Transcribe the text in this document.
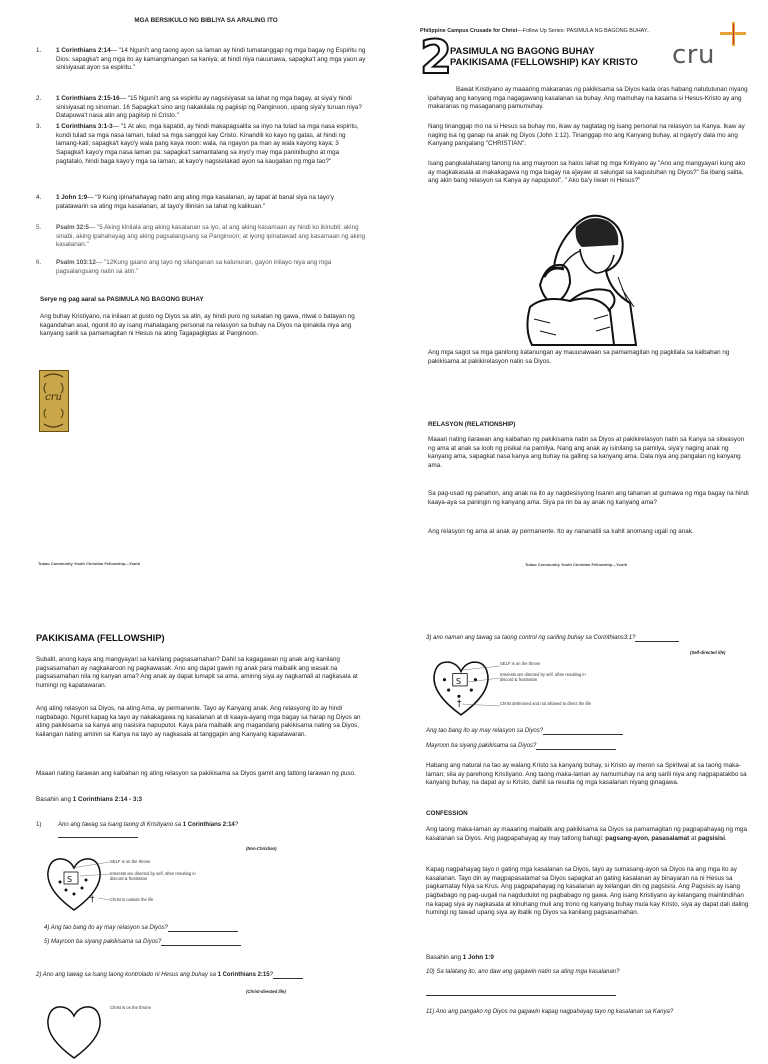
MGA BERSIKULO NG BIBLIYA SA ARALING ITO
1.	1 Corinthians 2:14— "14 Nguni't ang taong ayon sa laman ay hindi tumatanggap ng mga bagay ng Espiritu ng Dios: sapagka't ang mga ito ay kamangmangan sa kaniya; at hindi niya nauunawa, sapagka't ang mga yaon ay sinisiyasat ayon sa espiritu."
2.	1 Corinthians 2:15-16— "15 Nguni't ang sa espiritu ay nagsisiyasat sa lahat ng mga bagay, at siya'y hindi sinisiyasat ng sinoman. 16 Sapagka't sino ang nakakilala ng pagiisip ng Panginoon, upang siya'y turuan niya? Datapuwa't nasa atin ang pagiisip ni Cristo."
3.	1 Corinthians 3:1-3— "1 At ako, mga kapatid, ay hindi makapagsalita sa inyo na tulad sa mga nasa espiritu, kundi tulad sa mga nasa laman, tulad sa mga sanggol kay Cristo. Kinandili ko kayo ng gatas, at hindi ng lamang-kati; sapagka't kayo'y wala pang kaya noon: wala, na ngayon pa man ay wala kayong kaya; 3 Sapagka't kayo'y mga nasa laman pa: sapagka't samantalang sa inyo'y may mga paninibugho at mga pagtatalo, hindi baga kayo'y mga sa laman, at kayo'y nagsisilakad ayon sa kaugalian ng mga tao?"
4.	1 John 1:9— "9 Kung ipinahahayag natin ang ating mga kasalanan, ay tapat at banal siya na tayo'y patatawarin sa ating mga kasalanan, at tayo'y lilinisin sa lahat ng kalikuan."
5.	Psalm 32:5— "5 Aking kinilala ang aking kasalanan sa iyo, at ang aking kasamaan ay hindi ko ikinubli: aking sinabi, aking ipahahayag ang aking pagsalangsang sa Panginoon; at iyong ipinatawad ang kasamaan ng aking kasalanan."
6.	Psalm 103:12— "12Kung gaano ang layo ng silanganan sa kalunuran, gayon inilayo niya ang mga pagsalangsang natin sa atin."
Serye ng pag aaral sa PASIMULA NG BAGONG BUHAY
Ang buhay Kristiyano, na inilaan at gusto ng Diyos sa atin, ay hindi puro ng sukatan ng gawa, ritwal o batayan ng kagandahan asal, ngunit ito ay isang mahalagang personal na relasyon sa buhay na Diyos na ipinakila niya ang kanyang sarili sa pamamagitan ni Hesus na ating Tagapagligtas at Panginoon.
cru
Tubao Community Youth Christian Fellowship—Youth
Philippine Campus Crusade for Christ—Follow Up Series: PASIMULA NG BAGONG BUHAY..
2
PASIMULA NG BAGONG BUHAY
PAKIKISAMA (FELLOWSHIP) KAY KRISTO cru
Bawat Kristiyano ay maaaring makaranas ng pakikisama sa Diyos kada oras habang natututunan niyang ipahayag ang kanyang mga nagagawang kasalanan sa buhay. Ang mamuhay na kasama si Hesus-Kristo ay ang makaranas ng masaganang pamumuhay.
Nang tinanggap mo na si Hesus sa buhay mo, ikaw ay nagtatag ng isang personal na relasyon sa Kanya. Ikaw ay naging isa ng ganap na anak ng Diyos (John 1:12). Tinanggap mo ang Kanyang buhay, at ngayo'y dala mo ang Kanyang pangalang "CHRISTIAN".
Isang pangkalahatang tanong na ang mayroon sa halos lahat ng mga Kritiyano ay "Ano ang mangyayari kung ako ay magkakasala at makakagawa ng mga bagay na a]ayaw at salungat sa kagustuhan ng Diyos?" Sa ibang salita, ang akin bang relasyon sa Kanya ay napuputol", " Ako ba'y iiwan ni Hesus?"
Ang mga sagot sa mga ganitong katanungan ay mauunawaan sa pamamagitan ng pagkilala sa kaibahan ng pakikisama at pakikirelasyon natin sa Diyos.
RELASYON (RELATIONSHIP)
Maaari nating ilarawan ang kaibahan ng pakikisama natin sa Diyos at pakikirelasyon natin sa Kanya sa sitwasyon ng ama at anak sa loob ng pisikal na pamilya. Nang ang anak ay isinilang sa pamilya, siya'y naging anak ng kanyang ama, sapagkat nasa kanya ang buhay na galling sa kanyang ama. Dala niya ang pangalan ng kanyang ama.
Sa pag-usad ng panahon, ang anak na ito ay nagdesisyong lisanin ang tahanan at gumawa ng mga bagay na hindi kaaya-aya sa paningin ng kanyang ama. Siya pa rin ba ay anak ng kanyang ama?
Ang relasyon ng ama at anak ay permanente. Ito ay nananatili sa kahit anomang ugali ng anak.
Tubao Community Youth Christian Fellowship—Youth
PAKIKISAMA (FELLOWSHIP)
Subalit, anong kaya ang mangyayari sa kanilang pagsasamahan? Dahil sa kagagawan ng anak ang kanilang pagsasamahan ay nagkakaroon ng pagkawasak. Ano ang dapat gawin ng anak para maibalik ang wasak na pagsasamahan nila ng kanyan ama? Ang anak ay dapat lumapit sa ama, aminng siya ay nagkamali at nagkasala at humingi ng kapatawaran.
Ang ating relasyon sa Diyos, na ating Ama, ay permanente. Tayo ay Kanyang anak. Ang relasyong ito ay hindi nagbabago. Ngunit kapag ka tayo ay nakakagawa ng kasalanan at di kaaya-ayang mga bagay sa harap ng Diyos an ating pakikisama sa kanya ang nasisira napuputol. Kaya para maibalik ang magandang pakikisama nating sa Diyos, kailangan nating aminin sa Kanya na tayo ay nagkasala at tanggapin ang Kanyang kapatawaran.
Maaari nating ilarawan ang kaibahan ng ating relasyon sa pakikisama sa Diyos gamit ang tatlong larawan ng puso.
Basahin ang 1 Corinthians 2:14 - 3:3
1)	Ano ang tawag sa isang taong di Kristiyano sa 1 Corinthians 2:14?
(Non-Christian)
S
†
SELF is on the throne
Interests are directed by self, often resulting in discord & frustration
Christ is outside the life
4) Ang tao bang ito ay may relasyon sa Diyos?
5) Mayroon ba siyang pakikisama sa Diyos?
2) Ano ang tawag sa isang taong kontrolado ni Hesus ang buhay sa 1 Corinthians 2:15?
(Christ-directed life)
Christ is on the throne
3) ano naman ang tawag sa taong control ng sariling buhay sa Corinthians3:1?
(Self-directed life)
S
†
SELF is on the throne
Interests are directed by self, often resulting in discord & frustration
Christ dethroned and not allowed to direct the life
Ang tao bang ito ay may relasyon sa Diyos?
Mayroon ba siyang pakikisama sa Diyos?
Habang ang natural na tao ay walang Kristo sa kanyang buhay, si Kristo ay meron sa Spiritwal at sa taong maka-laman; sila ay parehong Kristiyano. Ang taong maka-laman ay namumuhay na ang sarili niya ang nagpapatakbo sa kanyang buhay, na dapat ay si Kristo, dahil sa resulta ng mga kasalanan niyang ginagawa.
CONFESSION
Ang taong maka-laman ay maaaring maibalik ang pakikisama sa Diyos sa pamamagitan ng pagpapahayag ng mga kasalanan sa Diyos. Ang pagpapahayag ay may tatlong bahagi: pagsang-ayon, pasasalamat at pagsisisi.
Kapag nagpahayag tayo n gating mga kasalanan sa Diyos, tayo ay sumasang-ayon sa Diyos na ang mga ito ay kasalanan. Tayo din ay magpapasalamat sa Diyos sapagkat an gating kasalanan ay binayaran na ni Hesus sa pagkamatay Niya sa Krus. Ang pagpapahayag ng kasalanan ay kelangan din ng pagsisisi. Ang Pagsisis ay isang pagbabago ng pag-uugali na nagdudulot ng pagbabago ng gawa. Ang isang Kristiyano ay kelangang maintindihan na kapag siya ay nagkasala at kinuhang muli ang trono ng kanyang buhay mula kay Kristo, siya ay dapat dali daling humingi ng tawad upang siya ay ibalik ng Diyos sa kanilang pagsasamahan.
Basahin ang 1 John 1:9
10) Sa talatang ito, ano daw ang gagawin natin sa ating mga kasalanan?
11) Ano ang pangako ng Diyos na gagawin kapag nagpahayag tayo ng kasalanan sa Kanya?
